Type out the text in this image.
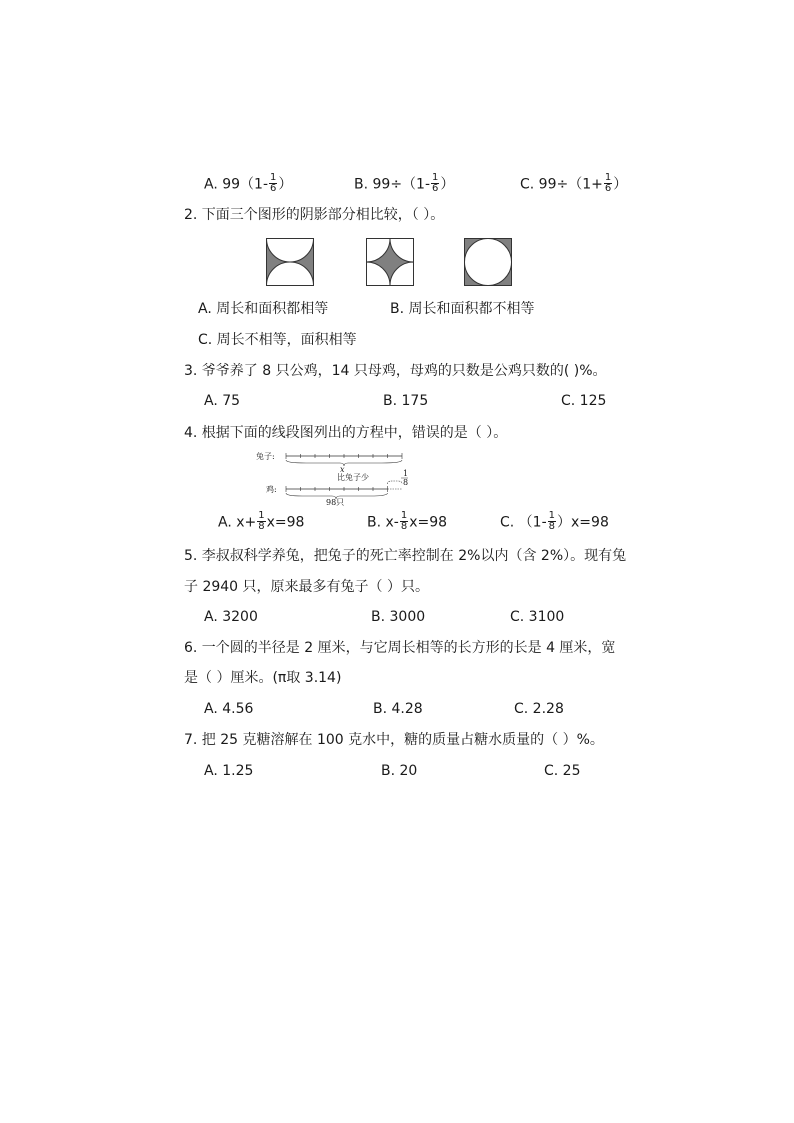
A. $99(1- \frac{1}{6}$ ）	B. $99\div(1- \frac{1}{6}$ ）	C. $99\div(1+ \frac{1}{6}$ ）
2. 下面三个图形的阴影部分相比较，（ ）。
A. 周长和面积都相等	B. 周长和面积都不相等
C. 周长不相等，面积相等
3. 爷爷养了 8 只公鸡，14 只母鸡，母鸡的只数是公鸡只数的( )%。
A. 75	B. 175	C. 125
4. 根据下面的线段图列出的方程中，错误的是（ ）。
兔子:
x
比兔子少	1
8
鸡:
98只
A. $x+ \frac{1}{8} x=98$	B. $x- \frac{1}{8} x=98$	C. $(1- \frac{1}{8} )x=98$
5. 李叔叔科学养兔，把兔子的死亡率控制在 2%以内（含 2%）。现有兔
子 2940 只，原来最多有兔子（ ）只。
A. 3200	B. 3000	C. 3100
6. 一个圆的半径是 2 厘米，与它周长相等的长方形的长是 4 厘米，宽
是（ ）厘米。(π取 3.14)
A. 4.56	B. 4.28	C. 2.28
7. 把 25 克糖溶解在 100 克水中，糖的质量占糖水质量的（ ）%。
A. 1.25	B. 20	C. 25
